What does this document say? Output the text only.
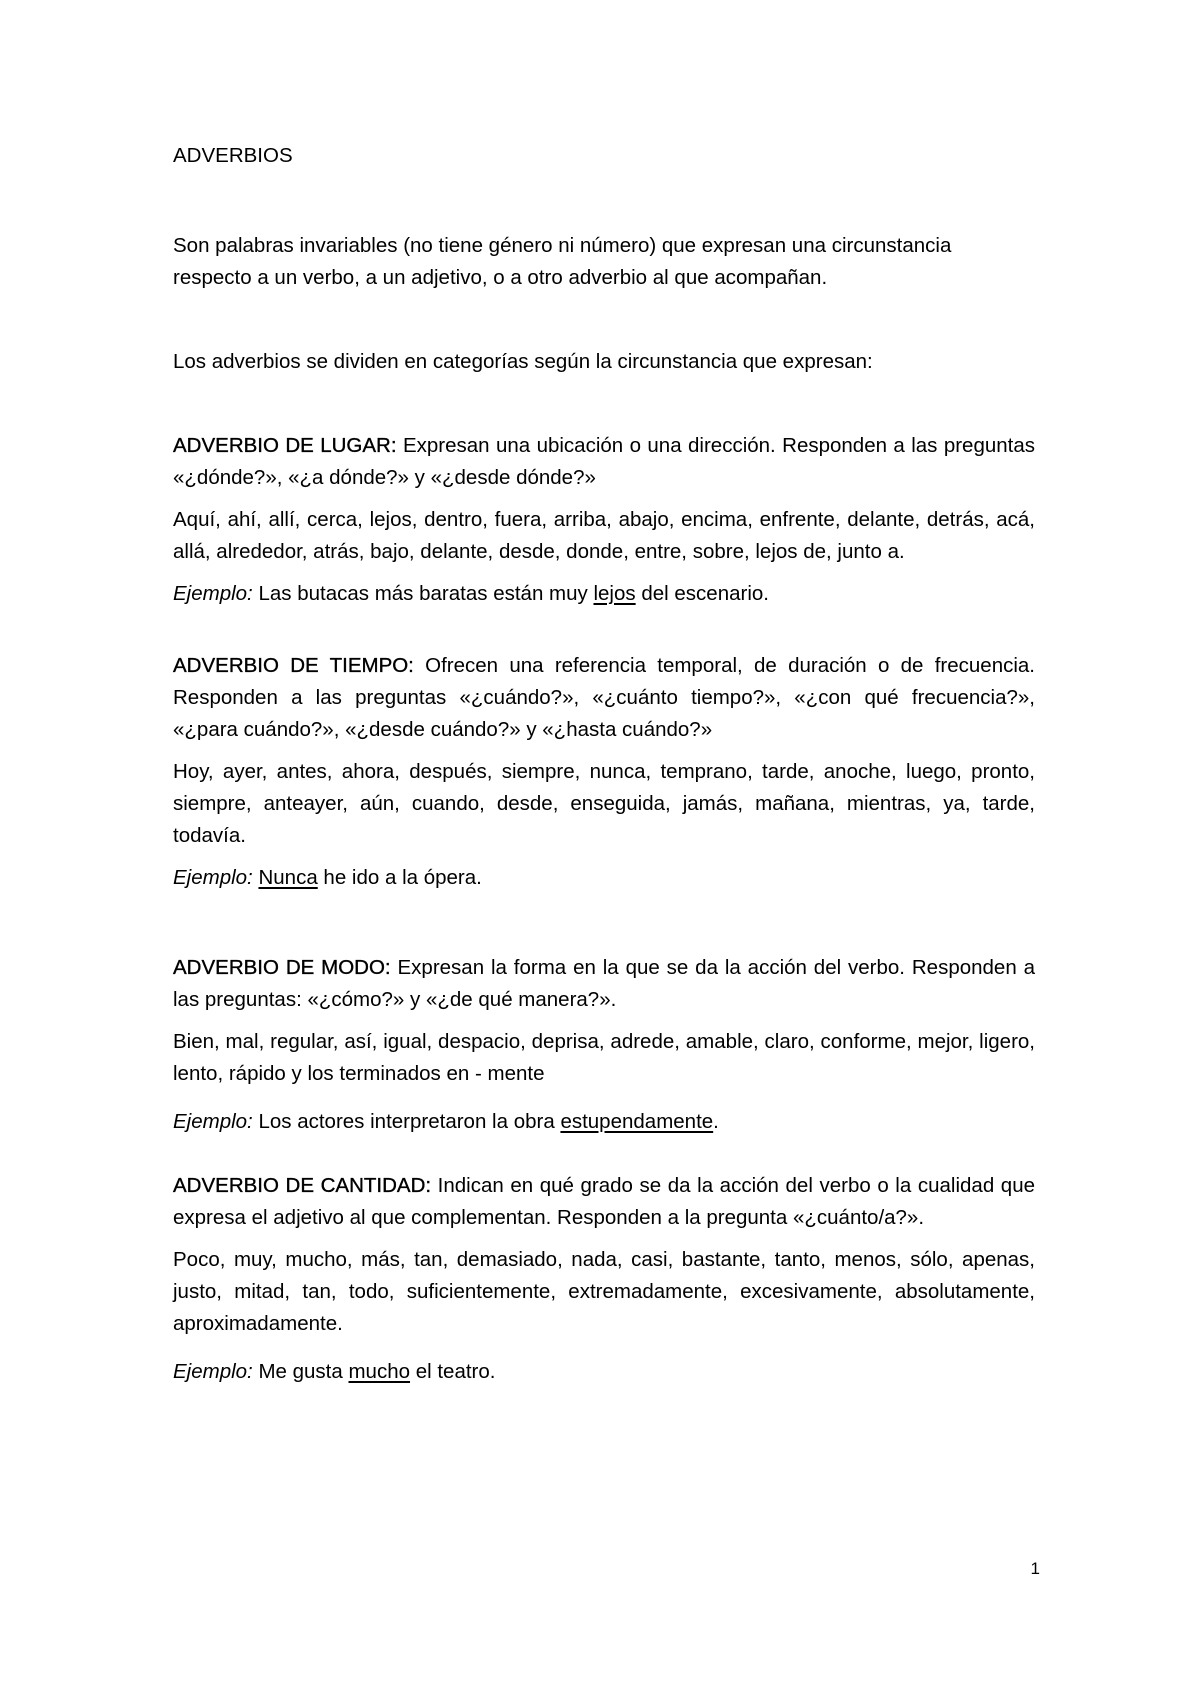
ADVERBIOS

Son palabras invariables (no tiene género ni número) que expresan una circunstancia respecto a un verbo, a un adjetivo, o a otro adverbio al que acompañan.

Los adverbios se dividen en categorías según la circunstancia que expresan:

ADVERBIO DE LUGAR: Expresan una ubicación o una dirección. Responden a las preguntas «¿dónde?», «¿a dónde?» y «¿desde dónde?»

Aquí, ahí, allí, cerca, lejos, dentro, fuera, arriba, abajo, encima, enfrente, delante, detrás, acá, allá, alrededor, atrás, bajo, delante, desde, donde, entre, sobre, lejos de, junto a.

Ejemplo: Las butacas más baratas están muy lejos del escenario.

ADVERBIO DE TIEMPO: Ofrecen una referencia temporal, de duración o de frecuencia. Responden a las preguntas «¿cuándo?», «¿cuánto tiempo?», «¿con qué frecuencia?», «¿para cuándo?», «¿desde cuándo?» y «¿hasta cuándo?»

Hoy, ayer, antes, ahora, después, siempre, nunca, temprano, tarde, anoche, luego, pronto, siempre, anteayer, aún, cuando, desde, enseguida, jamás, mañana, mientras, ya, tarde, todavía.

Ejemplo: Nunca he ido a la ópera.

ADVERBIO DE MODO: Expresan la forma en la que se da la acción del verbo. Responden a las preguntas: «¿cómo?» y «¿de qué manera?».

Bien, mal, regular, así, igual, despacio, deprisa, adrede, amable, claro, conforme, mejor, ligero, lento, rápido y los terminados en - mente

Ejemplo: Los actores interpretaron la obra estupendamente.

ADVERBIO DE CANTIDAD: Indican en qué grado se da la acción del verbo o la cualidad que expresa el adjetivo al que complementan. Responden a la pregunta «¿cuánto/a?».

Poco, muy, mucho, más, tan, demasiado, nada, casi, bastante, tanto, menos, sólo, apenas, justo, mitad, tan, todo, suficientemente, extremadamente, excesivamente, absolutamente, aproximadamente.

Ejemplo: Me gusta mucho el teatro.

1
